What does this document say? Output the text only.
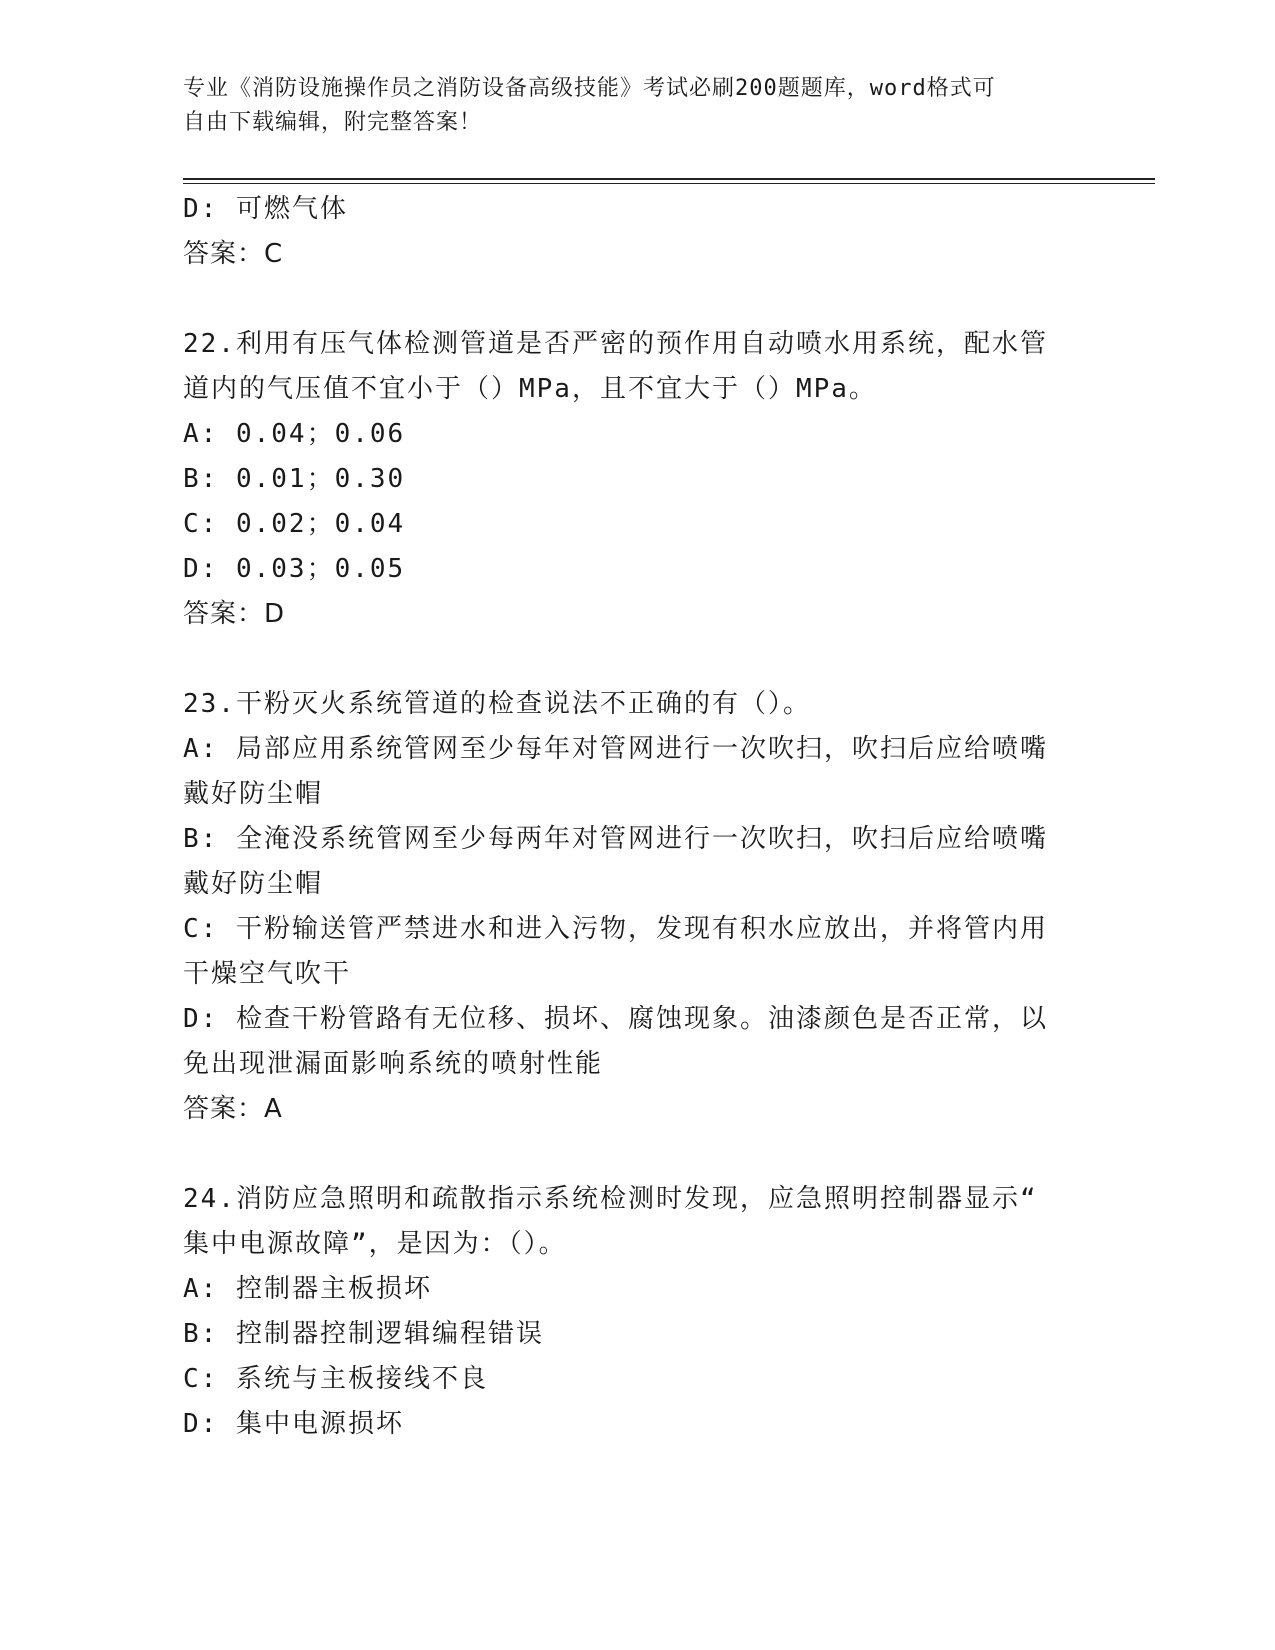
专业《消防设施操作员之消防设备高级技能》考试必刷200题题库，word格式可
自由下载编辑，附完整答案！
D: 可燃气体
答案：C
22.利用有压气体检测管道是否严密的预作用自动喷水用系统，配水管
道内的气压值不宜小于（）MPa，且不宜大于（）MPa。
A: 0.04；0.06
B: 0.01；0.30
C: 0.02；0.04
D: 0.03；0.05
答案：D
23.干粉灭火系统管道的检查说法不正确的有（）。
A: 局部应用系统管网至少每年对管网进行一次吹扫，吹扫后应给喷嘴
戴好防尘帽
B: 全淹没系统管网至少每两年对管网进行一次吹扫，吹扫后应给喷嘴
戴好防尘帽
C: 干粉输送管严禁进水和进入污物，发现有积水应放出，并将管内用
干燥空气吹干
D: 检查干粉管路有无位移、损坏、腐蚀现象。油漆颜色是否正常，以
免出现泄漏面影响系统的喷射性能
答案：A
24.消防应急照明和疏散指示系统检测时发现，应急照明控制器显示“
集中电源故障”，是因为：（）。
A: 控制器主板损坏
B: 控制器控制逻辑编程错误
C: 系统与主板接线不良
D: 集中电源损坏
